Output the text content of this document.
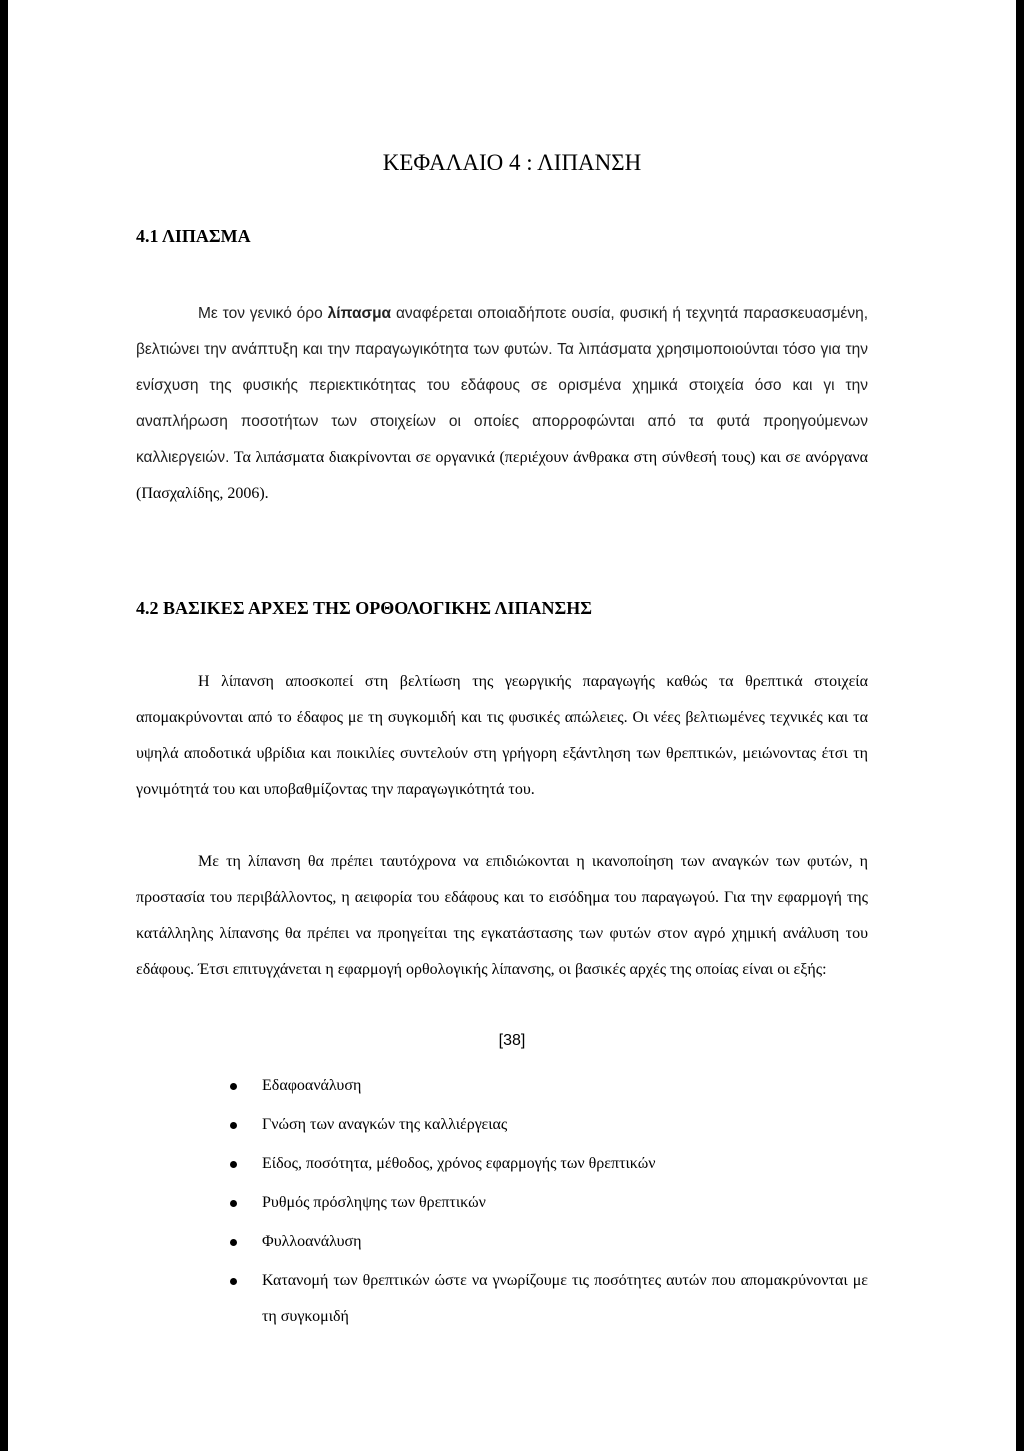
ΚΕΦΑΛΑΙΟ 4 : ΛΙΠΑΝΣΗ
4.1 ΛΙΠΑΣΜΑ

Με τον γενικό όρο λίπασμα αναφέρεται οποιαδήποτε ουσία, φυσική ή τεχνητά παρασκευασμένη, βελτιώνει την ανάπτυξη και την παραγωγικότητα των φυτών. Τα λιπάσματα χρησιμοποιούνται τόσο για την ενίσχυση της φυσικής περιεκτικότητας του εδάφους σε ορισμένα χημικά στοιχεία όσο και γι την αναπλήρωση ποσοτήτων των στοιχείων οι οποίες απορροφώνται από τα φυτά προηγούμενων καλλιεργειών. Τα λιπάσματα διακρίνονται σε οργανικά (περιέχουν άνθρακα στη σύνθεσή τους) και σε ανόργανα (Πασχαλίδης, 2006).

4.2 ΒΑΣΙΚΕΣ ΑΡΧΕΣ ΤΗΣ ΟΡΘΟΛΟΓΙΚΗΣ ΛΙΠΑΝΣΗΣ

Η λίπανση αποσκοπεί στη βελτίωση της γεωργικής παραγωγής καθώς τα θρεπτικά στοιχεία απομακρύνονται από το έδαφος με τη συγκομιδή και τις φυσικές απώλειες. Οι νέες βελτιωμένες τεχνικές και τα υψηλά αποδοτικά υβρίδια και ποικιλίες συντελούν στη γρήγορη εξάντληση των θρεπτικών, μειώνοντας έτσι τη γονιμότητά του και υποβαθμίζοντας την παραγωγικότητά του.

Με τη λίπανση θα πρέπει ταυτόχρονα να επιδιώκονται η ικανοποίηση των αναγκών των φυτών, η προστασία του περιβάλλοντος, η αειφορία του εδάφους και το εισόδημα του παραγωγού. Για την εφαρμογή της κατάλληλης λίπανσης θα πρέπει να προηγείται της εγκατάστασης των φυτών στον αγρό χημική ανάλυση του εδάφους. Έτσι επιτυγχάνεται η εφαρμογή ορθολογικής λίπανσης, οι βασικές αρχές της οποίας είναι οι εξής:

Εδαφοανάλυση
Γνώση των αναγκών της καλλιέργειας
Είδος, ποσότητα, μέθοδος, χρόνος εφαρμογής των θρεπτικών
Ρυθμός πρόσληψης των θρεπτικών
Φυλλοανάλυση
Κατανομή των θρεπτικών ώστε να γνωρίζουμε τις ποσότητες αυτών που απομακρύνονται με τη συγκομιδή
[38]
